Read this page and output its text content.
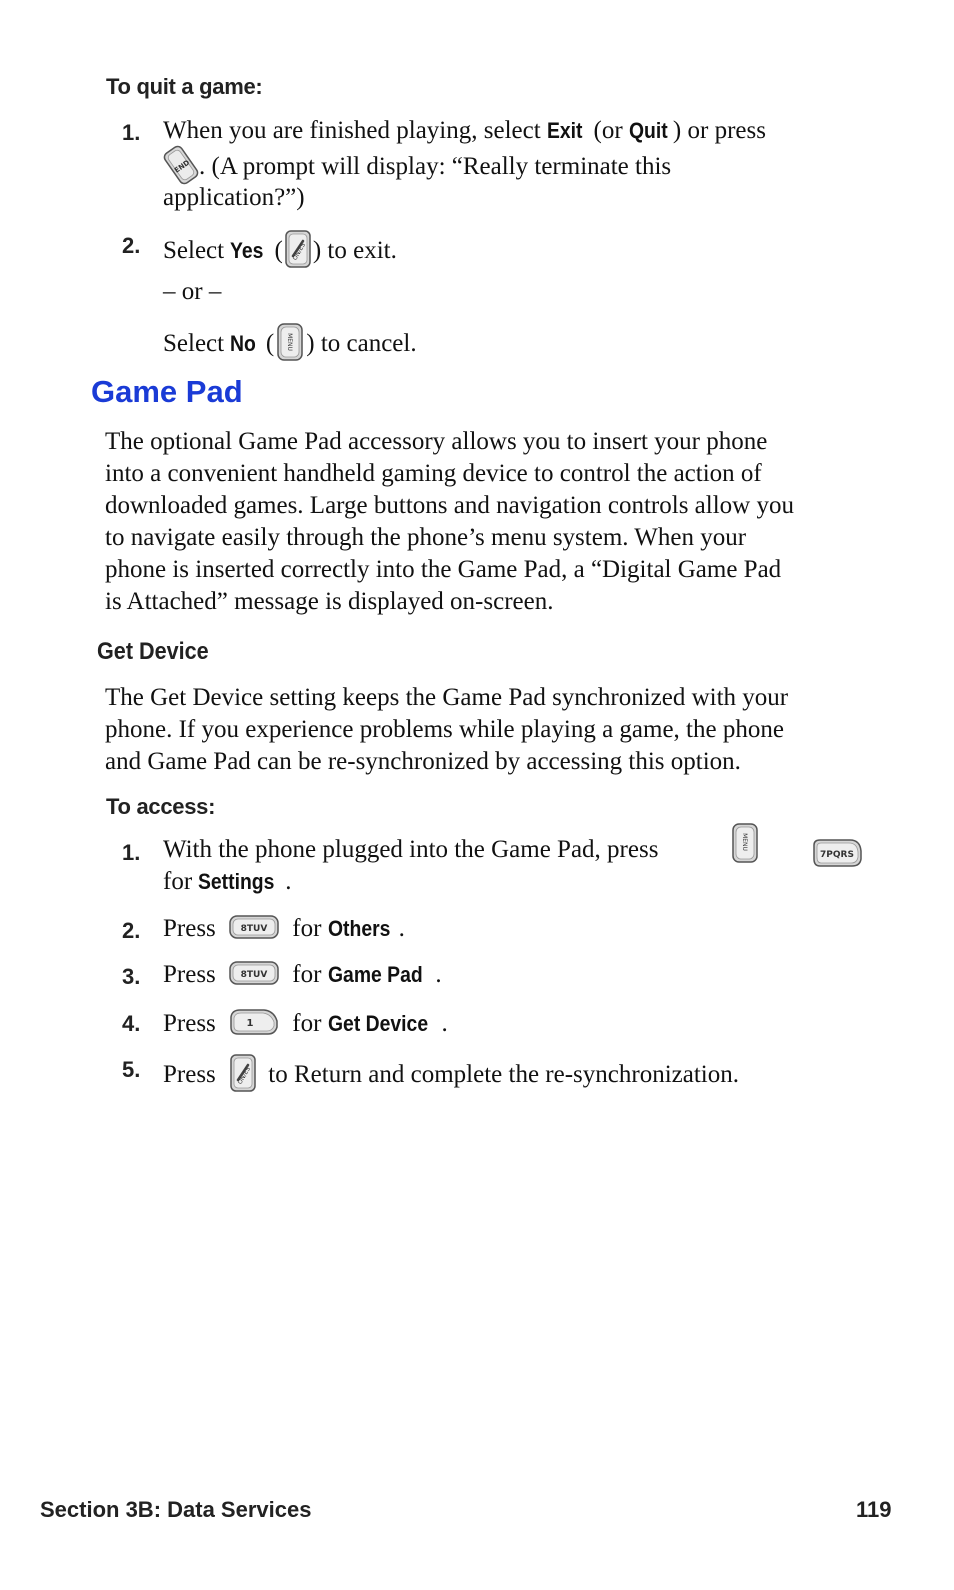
To quit a game:
1. When you are finished playing, select Exit (or Quit ) or press
END . (A prompt will display: “Really terminate this
application?”)
2. Select Yes ( ON/ES ) to exit.
– or –
Select No ( MENU ) to cancel.
Game Pad
The optional Game Pad accessory allows you to insert your phone
into a convenient handheld gaming device to control the action of
downloaded games. Large buttons and navigation controls allow you
to navigate easily through the phone’s menu system. When your
phone is inserted correctly into the Game Pad, a “Digital Game Pad
is Attached” message is displayed on-screen.
Get Device
The Get Device setting keeps the Game Pad synchronized with your
phone. If you experience problems while playing a game, the phone
and Game Pad can be re-synchronized by accessing this option.
To access:
1. With the phone plugged into the Game Pad, press	MENU

7PQRS
for Settings .
2. Press	8TUV for Others .
3. Press	8TUV for Game Pad .
4. Press	1 for Get Device .
5. Press	ON/ES to Return and complete the re-synchronization.
Section 3B: Data Services	119
